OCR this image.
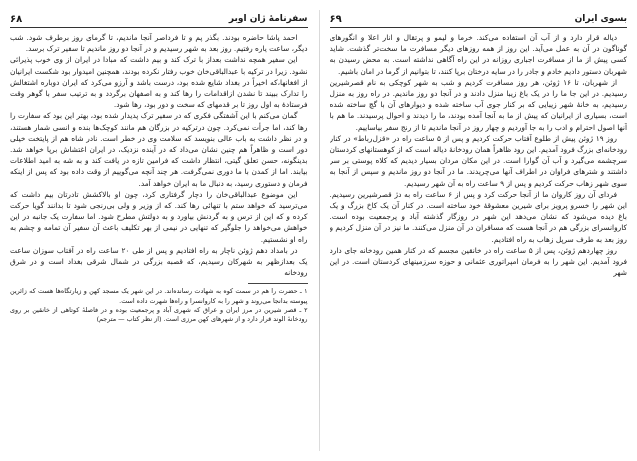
بسوی ایران
۶۹

دیاله قرار دارد و از آب آن استفاده می‌کند. خرما و لیمو و پرتقال و انار اعلا و انگورهای گوناگون در آن به عمل می‌آید. این روز از همه روزهای دیگر مسافرت ما سخت‌تر گذشت. شاید کسی پیش از ما از مسافرت اجباری روزانه در این راه آگاهی نداشته است. به محض رسیدن به شهربان دستور دادیم خادم و جادر را در سایه درختان برپا کنند، تا بتوانیم از گرما در امان باشیم.

از شهربان، تا ۱۶ ژوئن، هر روز مسافرت کردیم و شب به شهر کوچکی به نام قصرشیرین رسیدیم. در این جا ما را در یک باغ زیبا منزل دادند و در آنجا دو روز ماندیم. در راه روز به منزل رسیدیم، به خانهٔ شهر زیبایی که بر کنار جوی آب ساخته شده و دیوارهای آن با گچ ساخته شده است، بسیاری از ایرانیان که پیش از ما به آنجا آمده بودند، ما را دیدند و احوال پرسیدند. ما هم با آنها اصول احترام و ادب را به جا آوردیم و چهار روز در آنجا ماندیم تا از رنج سفر بیاساییم.

روز ۱۹ ژوئن پیش از طلوع آفتاب حرکت کردیم و پس از ۵ ساعت راه در «قزل‌رباط» در کنار رودخانه‌ای بزرگ فرود آمدیم. این رود ظاهراً همان رودخانهٔ دیاله است که از کوهستانهای کردستان سرچشمه می‌گیرد و آب آن گوارا است. در این مکان مردان بسیار دیدیم که کلاه پوستی بر سر داشتند و شترهای فراوان در اطراف آنها می‌چریدند. ما در آنجا دو روز ماندیم و سپس از آنجا به سوی شهر زهاب حرکت کردیم و پس از ۹ ساعت راه به آن شهر رسیدیم.

فردای آن روز کاروان ما از آنجا حرکت کرد و پس از ۶ ساعت راه به دژ قصرشیرین رسیدیم. این شهر را خسرو پرویز برای شیرین معشوقهٔ خود ساخته است. در کنار آن یک کاخ بزرگ و یک باغ دیده می‌شود که نشان می‌دهد این شهر در روزگار گذشته آباد و پرجمعیت بوده است. کاروانسرای بزرگی هم در آنجا هست که مسافران در آن منزل می‌کنند. ما نیز در آن منزل کردیم و روز بعد به طرف سرپل زهاب به راه افتادیم.

روز چهاردهم ژوئن، پس از ۵ ساعت راه در خانقین مجسم که در کنار همین رودخانه جای دارد فرود آمدیم. این شهر را به فرمان امپراتوری عثمانی و حوزه سرزمینهای کردستان است. در این شهر

سفرنامهٔ ژان اوبر
۶۸

احمد پاشا حاضره بودند. بگذر پم و تا فرداصر آنجا ماندیم، تا گرمای روز برطرف شود. شب دیگر، ساعت یاره رفتیم. روز بعد به شهر رسیدیم و در آنجا دو روز ماندیم تا سفیر ترک برسد.

این سفیر همچه نداشت بعداز با ترک کند و بیم داشت که مبادا در ایران از وی خوب پذیرائی نشود. زیرا در ترکیه با عبدالباقی‌خان خوب رفتار نکرده بودند، همچنین امیدوار بود شکست ایرانیان از افغانها،که اخیراً در بغداد شایع شده بود، درست باشد و آرزو می‌کرد که ایران دوباره اشتغالش را تدارک ببیند تا نشدن ازاقدامات را رها کند و به اصفهان برگردد و به ترتیب سفر با گوهر وقت فرستادهٔ به اول روز تا بر قدمهای که سخت و دور بود، رها شود.

گمان می‌کنم با این آشفتگی فکری که در سفیر ترک پدیدار شده بود، بهتر این بود که سفارت را رها کند، اما جرأت نمی‌کرد. چون درترکیه در بزرگان هم مانند کوچک‌ها بنده و انسی شمار هستند، و در نظر داشت به باب عالی بنویسد که سلامت وی در خطر است. نادر شاه هم از پایتخت خیلی دور است و ظاهراً هم چنین نشان می‌داد که در آینده نزدیک، در ایران اغتشاش برپا خواهد شد. بدینگونه، حسن تعلق گیتی، انتظار داشت که فرامین تازه در یافت کند و به شه به امید اطلاعات بیابند. اما از کمدن با ما دوری نمی‌گرفت. هر چند آنچه می‌گوییم از وقت داده بود که پس از اینکه فرمان و دستوری رسید، به دنبال ما به ایران خواهد آمد.

این موضوع عبدالباقی‌خان را دچار گرفتاری کرد، چون او بالاکشش تادرتان بیم داشت که می‌ترسید که خواهد ستم با تنهائی رها کند. که از وزیر و ولی بی‌رنجی شود تا بدانند گویا حرکت کرده و که این از ترس و به گردنش بیاورد و به دولتش مطرح شود. اما سفارت یک جانبه در این خواهش می‌خواهد را جلوگیر که تنهایی در نیمی از بهر تکلیف باعث آن سفیر آن تمامه و چشم به راه او نشستیم.

در بامداد دهم ژوئن ناچار به راه افتادیم و پس از طی ۲۰ ساعت راه در آفتاب سوزان ساعت یک بعدازظهر به شهرکان رسیدیم، که قصبه بزرگی در شمال شرقی بغداد است و در شرق رودخانه

۱ ـ حضرت را هم در سمت کوه به شهادت رسانده‌اند. در این شهر یک مسجد کهن و زیارتگاه‌ها هست که زائرین پیوسته بدانجا می‌روند و شهر را به کاروانسرا و راه‌ها شهرت داده است.

۲ ـ قصر شیرین در مرز ایران و عراق که شهری آباد و پرجمعیت بوده و در فاصلهٔ کوتاهی از خانقین بر روی رودخانهٔ الوند قرار دارد و از شهرهای کهن مرزی است. (از نظر کتاب — مترجم)
